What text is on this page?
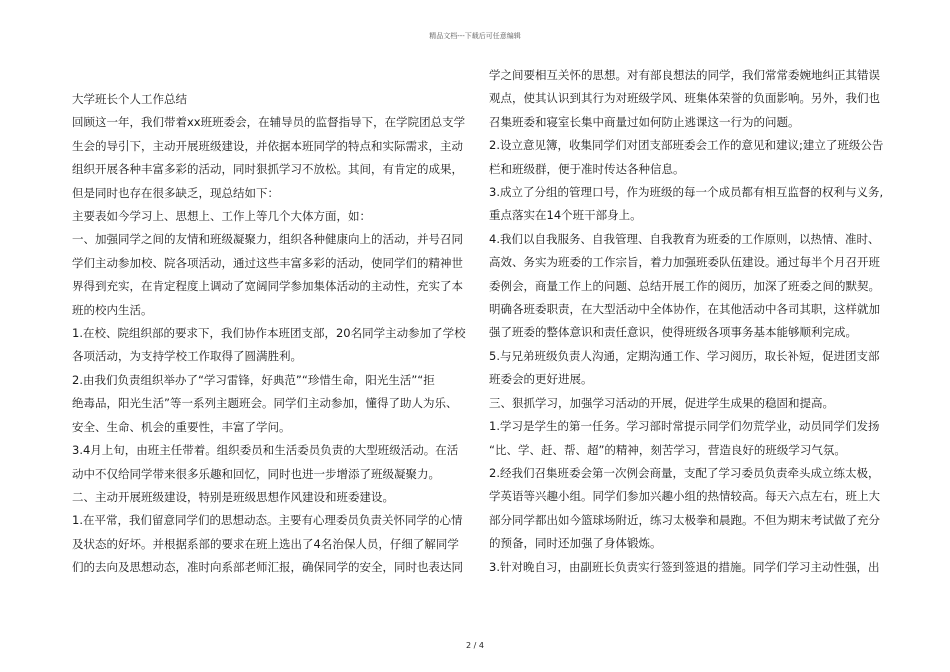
精品文档---下载后可任意编辑

大学班长个人工作总结

回顾这一年，我们带着xx班班委会，在辅导员的监督指导下，在学院团总支学

生会的导引下，主动开展班级建设，并依据本班同学的特点和实际需求，主动

组织开展各种丰富多彩的活动，同时狠抓学习不放松。其间，有肯定的成果，

但是同时也存在很多缺乏，现总结如下：

主要表如今学习上、思想上、工作上等几个大体方面，如：

一、加强同学之间的友情和班级凝聚力，组织各种健康向上的活动，并号召同

学们主动参加校、院各项活动，通过这些丰富多彩的活动，使同学们的精神世

界得到充实，在肯定程度上调动了宽阔同学参加集体活动的主动性，充实了本

班的校内生活。

1.在校、院组织部的要求下，我们协作本班团支部，20名同学主动参加了学校

各项活动，为支持学校工作取得了圆满胜利。

2.由我们负责组织举办了“学习雷锋，好典范”“珍惜生命，阳光生活”“拒

绝毒品，阳光生活”等一系列主题班会。同学们主动参加，懂得了助人为乐、

安全、生命、机会的重要性，丰富了学问。

3.4月上旬，由班主任带着。组织委员和生活委员负责的大型班级活动。在活

动中不仅给同学带来很多乐趣和回忆，同时也进一步增添了班级凝聚力。

二、主动开展班级建设，特别是班级思想作风建设和班委建设。

1.在平常，我们留意同学们的思想动态。主要有心理委员负责关怀同学的心情

及状态的好坏。并根据系部的要求在班上选出了4名治保人员，仔细了解同学

们的去向及思想动态，准时向系部老师汇报，确保同学的安全，同时也表达同

学之间要相互关怀的思想。对有部良想法的同学，我们常常委婉地纠正其错误

观点，使其认识到其行为对班级学风、班集体荣誉的负面影响。另外，我们也

召集班委和寝室长集中商量过如何防止逃课这一行为的问题。

2.设立意见簿，收集同学们对团支部班委会工作的意见和建议;建立了班级公告

栏和班级群，便于准时传达各种信息。

3.成立了分组的管理口号，作为班级的每一个成员都有相互监督的权利与义务,

重点落实在14个班干部身上。

4.我们以自我服务、自我管理、自我教育为班委的工作原则，以热情、准时、

高效、务实为班委的工作宗旨，着力加强班委队伍建设。通过每半个月召开班

委例会，商量工作上的问题、总结开展工作的阅历，加深了班委之间的默契。

明确各班委职责，在大型活动中全体协作，在其他活动中各司其职，这样就加

强了班委的整体意识和责任意识，使得班级各项事务基本能够顺利完成。

5.与兄弟班级负责人沟通，定期沟通工作、学习阅历，取长补短，促进团支部

班委会的更好进展。

三、狠抓学习，加强学习活动的开展，促进学生成果的稳固和提高。

1.学习是学生的第一任务。学习部时常提示同学们勿荒学业，动员同学们发扬

“比、学、赶、帮、超”的精神，刻苦学习，营造良好的班级学习气氛。

2.经我们召集班委会第一次例会商量，支配了学习委员负责牵头成立练太极，

学英语等兴趣小组。同学们参加兴趣小组的热情较高。每天六点左右，班上大

部分同学都出如今篮球场附近，练习太极拳和晨跑。不但为期末考试做了充分

的预备，同时还加强了身体锻炼。

3.针对晚自习，由副班长负责实行签到签退的措施。同学们学习主动性强，出

2 / 4
